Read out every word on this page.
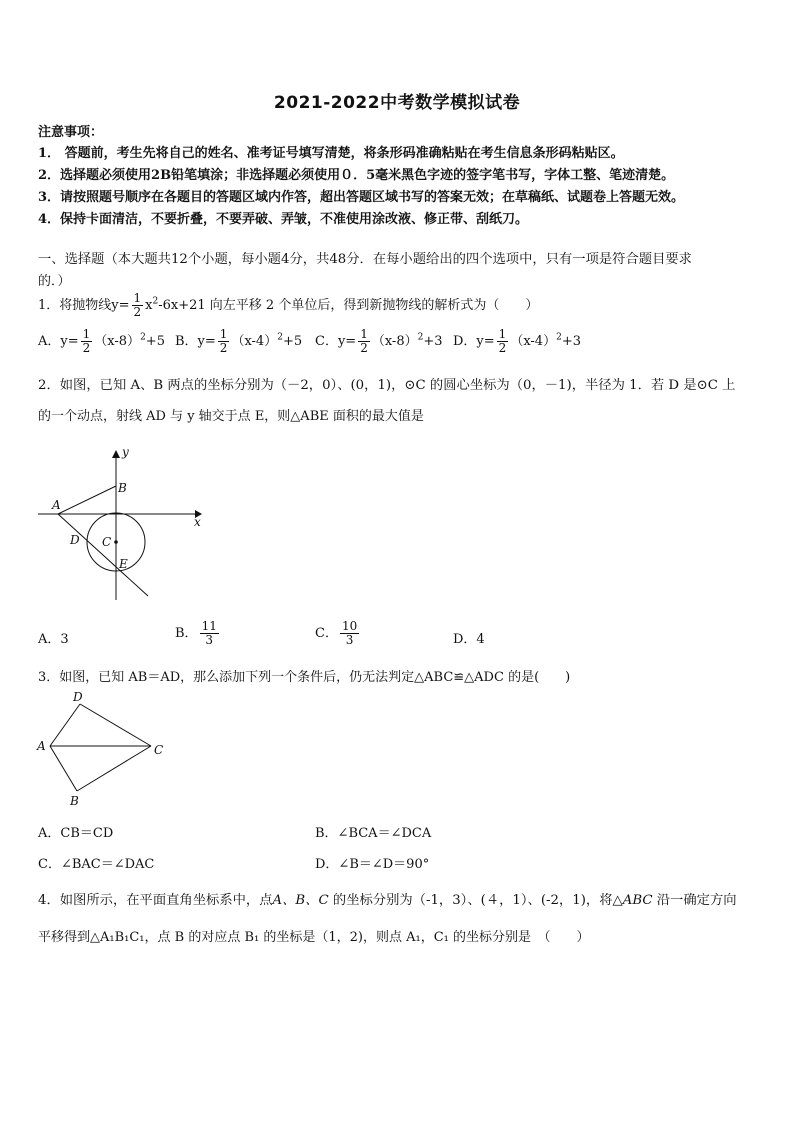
2021-2022中考数学模拟试卷
注意事项：
1． 答题前，考生先将自己的姓名、准考证号填写清楚，将条形码准确粘贴在考生信息条形码粘贴区。
2．选择题必须使用2B铅笔填涂；非选择题必须使用０．5毫米黑色字迹的签字笔书写，字体工整、笔迹清楚。
3．请按照题号顺序在各题目的答题区域内作答，超出答题区域书写的答案无效；在草稿纸、试题卷上答题无效。
4．保持卡面清洁，不要折叠，不要弄破、弄皱，不准使用涂改液、修正带、刮纸刀。
一、选择题（本大题共12个小题，每小题4分，共48分．在每小题给出的四个选项中，只有一项是符合题目要求
的．）
1．将抛物线$y= \frac{1}{2} x^2-6x+21$ 向左平移 2 个单位后，得到新抛物线的解析式为（　　）
A．$y= \frac{1}{2} (x-8)^2+5$ B．$y= \frac{1}{2} (x-4)^2+5$ C．$y= \frac{1}{2} (x-8)^2+3$ D．$y= \frac{1}{2} (x-4)^2+3$
2．如图，已知 A、B 两点的坐标分别为（－2，0）、(0，1)，⊙C 的圆心坐标为（0，－1)，半径为 1．若 D 是⊙C 上
的一个动点，射线 AD 与 y 轴交于点 E，则△ABE 面积的最大值是
y
x
A
B
C
D
E
A．3	B． $\frac{11}{3}$	C． $\frac{10}{3}$	D．4
3．如图，已知 AB＝AD，那么添加下列一个条件后，仍无法判定△ABC≌△ADC 的是(　　)
D
A	C
B
A．CB＝CD	B．∠BCA＝∠DCA
C．∠BAC＝∠DAC	D．∠B＝∠D＝90°
4．如图所示，在平面直角坐标系中，点A、B、C 的坐标分别为（-1，3）、(４，1）、(-2，1)，将△ABC 沿一确定方向
平移得到△A₁B₁C₁，点 B 的对应点 B₁ 的坐标是（1，2)，则点 A₁，C₁ 的坐标分别是　（　　）
